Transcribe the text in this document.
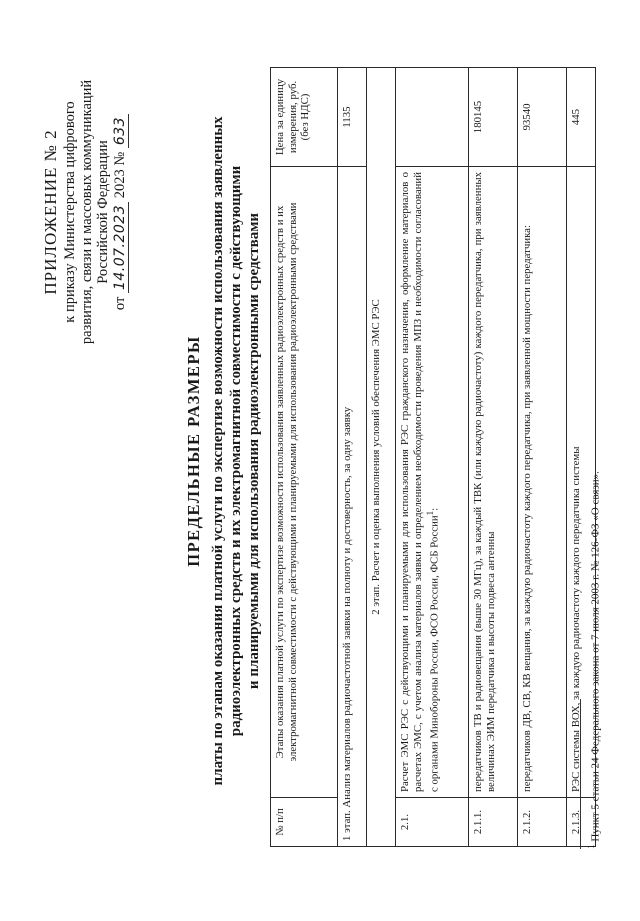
ПРИЛОЖЕНИЕ № 2 к приказу Министерства цифрового развития, связи и массовых коммуникаций Российской Федерации
от 14.07.2023 2023 № 633
ПРЕДЕЛЬНЫЕ РАЗМЕРЫ платы по этапам оказания платной услуги по экспертизе возможности использования заявленных радиоэлектронных средств и их электромагнитной совместимости с действующими и планируемыми для использования радиоэлектронными средствами
№ п/п	Этапы оказания платной услуги по экспертизе возможности использования заявленных радиоэлектронных средств и их электромагнитной совместимости с действующими и планируемыми для использования радиоэлектронными средствами	Цена за единицу измерения, руб. (без НДС)
1 этап. Анализ материалов радиочастотной заявки на полноту и достоверность, за одну заявку		1135
2 этап. Расчет и оценка выполнения условий обеспечения ЭМС РЭС		
2.1.	Расчет ЭМС РЭС с действующими и планируемыми для использования РЭС гражданского назначения, оформление материалов о расчетах ЭМС, с учетом анализа материалов заявки и определением необходимости проведения МПЗ и необходимости согласований с органами Минобороны России, ФСО России, ФСБ России$^1$:	
2.1.1.	передатчиков ТВ и радиовещания (выше 30 МГц), за каждый ТВК (или каждую радиочастоту) каждого передатчика, при заявленных величинах ЭИМ передатчика и высоты подвеса антенны	180145
2.1.2.	передатчиков ДВ, СВ, КВ вещания, за каждую радиочастоту каждого передатчика, при заявленной мощности передатчика:	93540
2.1.3.	РЭС системы ВОХ, за каждую радиочастоту каждого передатчика системы	445
$^1$ Пункт 5 статьи 24 Федерального закона от 7 июля 2003 г. № 126-ФЗ «О связи».
